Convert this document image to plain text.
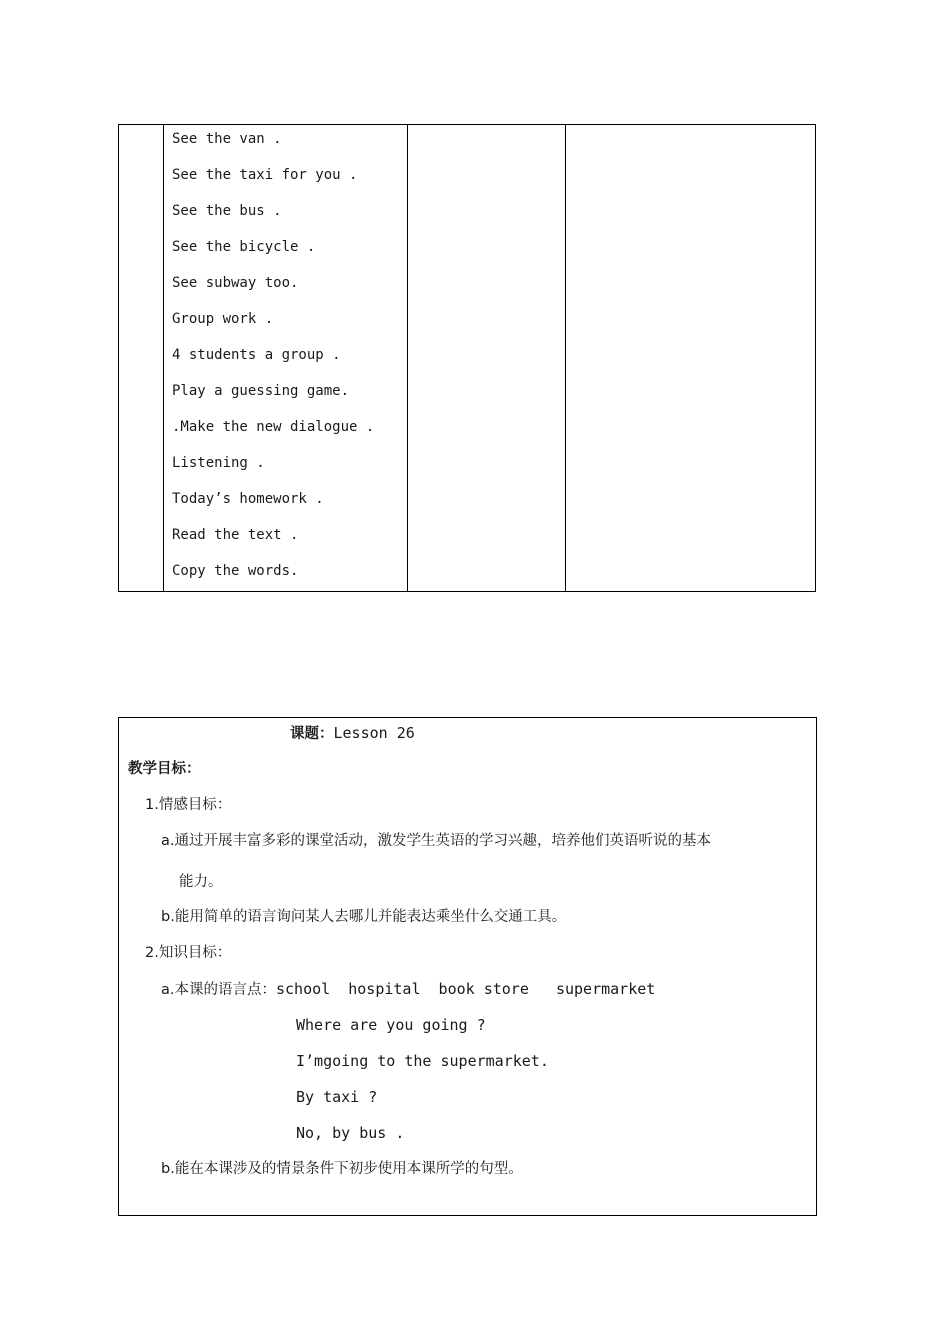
See the van .
See the taxi for you .
See the bus .
See the bicycle .
See subway too.
Group work .
4 students a group .
Play a guessing game.
.Make the new dialogue .
Listening .
Today’s homework .
Read the text .
Copy the words.
课题：Lesson 26
教学目标：
1.情感目标：
a.通过开展丰富多彩的课堂活动，激发学生英语的学习兴趣，培养他们英语听说的基本
能力。
b.能用简单的语言询问某人去哪儿并能表达乘坐什么交通工具。
2.知识目标：
a.本课的语言点：school  hospital  book store   supermarket
Where are you going ?
I’mgoing to the supermarket.
By taxi ?
No, by bus .
b.能在本课涉及的情景条件下初步使用本课所学的句型。
